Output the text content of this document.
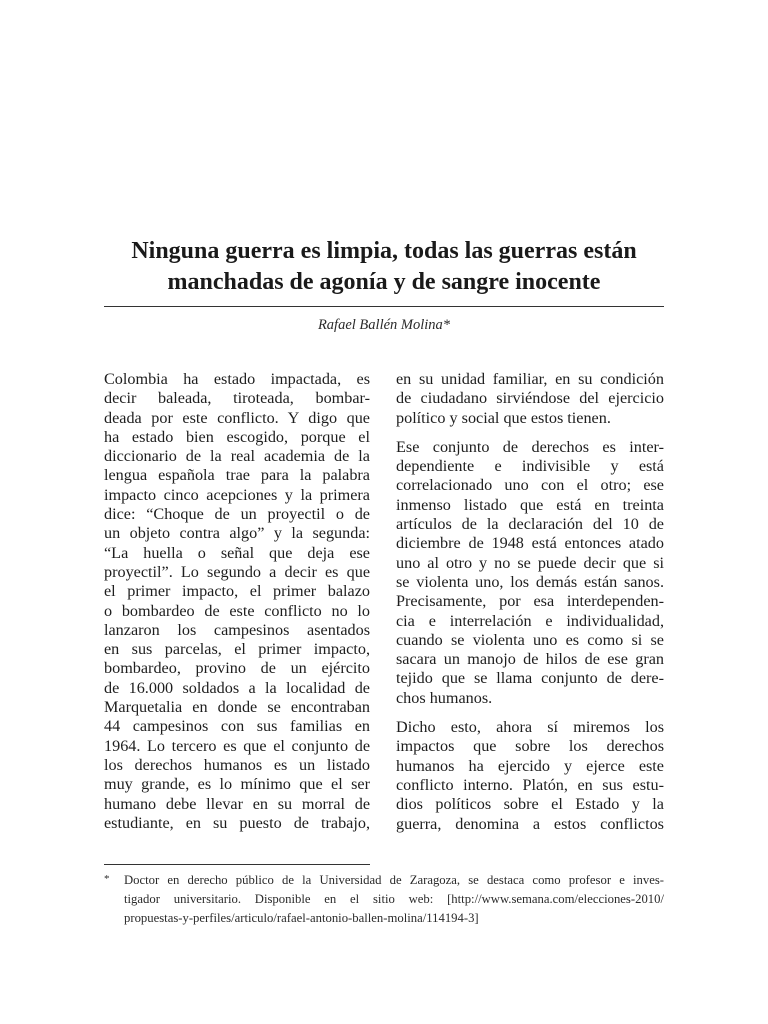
Ninguna guerra es limpia, todas las guerras están
manchadas de agonía y de sangre inocente
Rafael Ballén Molina*

Colombia ha estado impactada, es
decir baleada, tiroteada, bombar-
deada por este conflicto. Y digo que
ha estado bien escogido, porque el
diccionario de la real academia de la
lengua española trae para la palabra
impacto cinco acepciones y la primera
dice: “Choque de un proyectil o de
un objeto contra algo” y la segunda:
“La huella o señal que deja ese
proyectil”. Lo segundo a decir es que
el primer impacto, el primer balazo
o bombardeo de este conflicto no lo
lanzaron los campesinos asentados
en sus parcelas, el primer impacto,
bombardeo, provino de un ejército
de 16.000 soldados a la localidad de
Marquetalia en donde se encontraban
44 campesinos con sus familias en
1964. Lo tercero es que el conjunto de
los derechos humanos es un listado
muy grande, es lo mínimo que el ser
humano debe llevar en su morral de
estudiante, en su puesto de trabajo,

en su unidad familiar, en su condición
de ciudadano sirviéndose del ejercicio
político y social que estos tienen.

Ese conjunto de derechos es inter-
dependiente e indivisible y está
correlacionado uno con el otro; ese
inmenso listado que está en treinta
artículos de la declaración del 10 de
diciembre de 1948 está entonces atado
uno al otro y no se puede decir que si
se violenta uno, los demás están sanos.
Precisamente, por esa interdependen-
cia e interrelación e individualidad,
cuando se violenta uno es como si se
sacara un manojo de hilos de ese gran
tejido que se llama conjunto de dere-
chos humanos.

Dicho esto, ahora sí miremos los
impactos que sobre los derechos
humanos ha ejercido y ejerce este
conflicto interno. Platón, en sus estu-
dios políticos sobre el Estado y la
guerra, denomina a estos conflictos

* Doctor en derecho público de la Universidad de Zaragoza, se destaca como profesor e inves-
tigador universitario. Disponible en el sitio web: [http://www.semana.com/elecciones-2010/
propuestas-y-perfiles/articulo/rafael-antonio-ballen-molina/114194-3]
